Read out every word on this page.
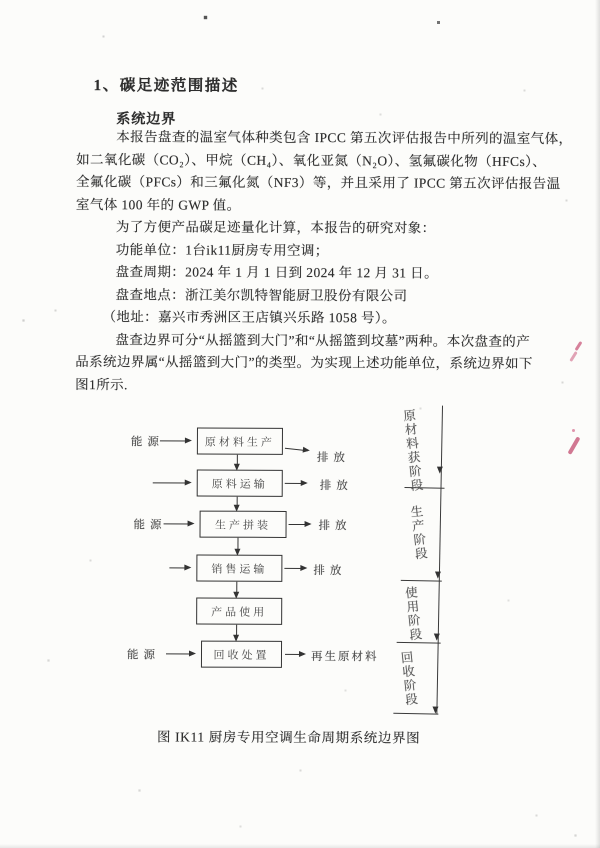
1、碳足迹范围描述
系统边界
本报告盘查的温室气体种类包含 IPCC 第五次评估报告中所列的温室气体，
如二氧化碳（CO₂）、甲烷（CH₄）、氧化亚氮（N₂O）、氢氟碳化物（HFCs）、
全氟化碳（PFCs）和三氟化氮（NF3）等，并且采用了 IPCC 第五次评估报告温
室气体 100 年的 GWP 值。
为了方便产品碳足迹量化计算，本报告的研究对象：
功能单位：1台ik11厨房专用空调；
盘查周期：2024 年 1 月 1 日到 2024 年 12 月 31 日。
盘查地点：浙江美尔凯特智能厨卫股份有限公司
（地址：嘉兴市秀洲区王店镇兴乐路 1058 号）。
盘查边界可分“从摇篮到大门”和“从摇篮到坟墓”两种。本次盘查的产
品系统边界属“从摇篮到大门”的类型。为实现上述功能单位，系统边界如下
图1所示.
原材料生产
原料运输
生产拼装
销售运输
产品使用
回收处置
能源
能源
能源
排放
排放
排放
排放
再生原材料
原材料获阶段
生产阶段
使用阶段
回收阶段
图 IK11 厨房专用空调生命周期系统边界图
